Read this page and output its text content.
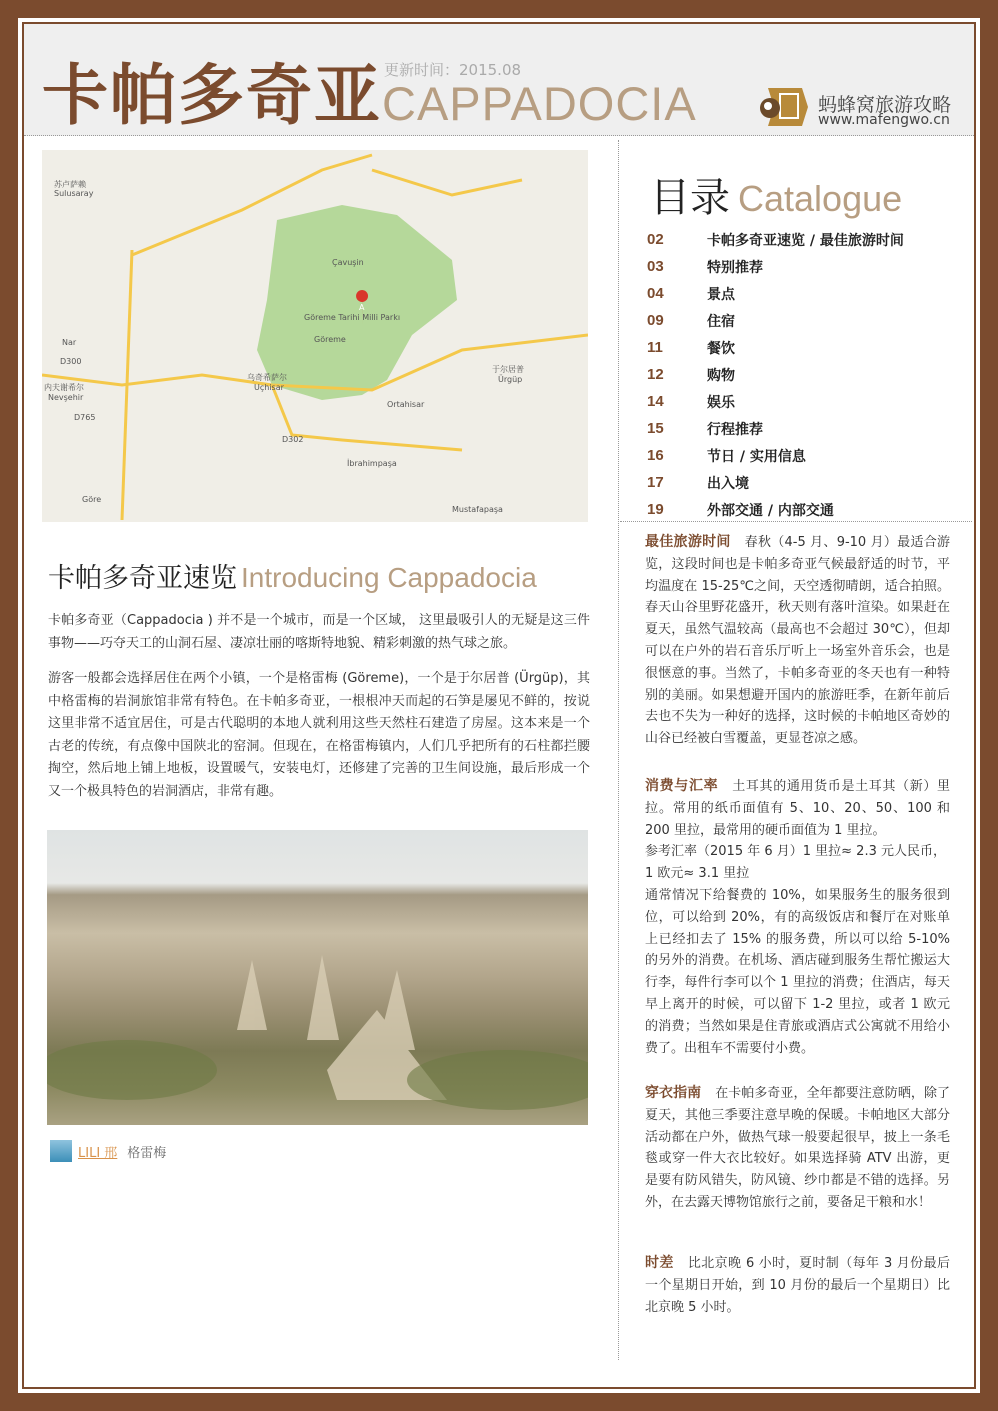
卡帕多奇亚 更新时间：2015.08
CAPPADOCIA	蚂蜂窝旅游攻略
www.mafengwo.cn
苏卢萨赖
Sulusaray
Çavuşin
Göreme Tarihi Milli Parkı
Göreme
乌奇希萨尔
Uçhisar
内夫谢希尔
Nevşehir
于尔居普
Ürgüp
Ortahisar
İbrahimpaşa
Mustafapaşa
Nar
Göre
D300
D302
D765
A
目录 Catalogue
02	卡帕多奇亚速览 / 最佳旅游时间
03	特别推荐
04	景点
09	住宿
11	餐饮
12	购物
14	娱乐
15	行程推荐
16	节日 / 实用信息
17	出入境
19	外部交通 / 内部交通
卡帕多奇亚速览 Introducing Cappadocia

卡帕多奇亚（Cappadocia ) 并不是一个城市，而是一个区域， 这里最吸引人的无疑是这三件事物——巧夺天工的山洞石屋、凄凉壮丽的喀斯特地貌、精彩刺激的热气球之旅。

游客一般都会选择居住在两个小镇，一个是格雷梅 (Göreme)，一个是于尔居普 (Ürgüp)，其中格雷梅的岩洞旅馆非常有特色。在卡帕多奇亚，一根根冲天而起的石笋是屡见不鲜的，按说这里非常不适宜居住，可是古代聪明的本地人就利用这些天然柱石建造了房屋。这本来是一个古老的传统，有点像中国陕北的窑洞。但现在，在格雷梅镇内，人们几乎把所有的石柱都拦腰掏空，然后地上铺上地板，设置暖气，安装电灯，还修建了完善的卫生间设施，最后形成一个又一个极具特色的岩洞酒店，非常有趣。

LILI 邢 格雷梅

最佳旅游时间 春秋（4-5 月、9-10 月）最适合游览，这段时间也是卡帕多奇亚气候最舒适的时节，平均温度在 15-25℃之间，天空透彻晴朗，适合拍照。春天山谷里野花盛开，秋天则有落叶渲染。如果赶在夏天，虽然气温较高（最高也不会超过 30℃），但却可以在户外的岩石音乐厅听上一场室外音乐会，也是很惬意的事。当然了，卡帕多奇亚的冬天也有一种特别的美丽。如果想避开国内的旅游旺季，在新年前后去也不失为一种好的选择，这时候的卡帕地区奇妙的山谷已经被白雪覆盖，更显苍凉之感。

消费与汇率 土耳其的通用货币是土耳其（新）里拉。常用的纸币面值有 5、10、20、50、100 和 200 里拉，最常用的硬币面值为 1 里拉。

参考汇率（2015 年 6 月）1 里拉≈ 2.3 元人民币，

1 欧元≈ 3.1 里拉

通常情况下给餐费的 10%，如果服务生的服务很到位，可以给到 20%，有的高级饭店和餐厅在对账单上已经扣去了 15% 的服务费，所以可以给 5-10% 的另外的消费。在机场、酒店碰到服务生帮忙搬运大行李，每件行李可以个 1 里拉的消费；住酒店，每天早上离开的时候，可以留下 1-2 里拉，或者 1 欧元的消费；当然如果是住青旅或酒店式公寓就不用给小费了。出租车不需要付小费。

穿衣指南 在卡帕多奇亚，全年都要注意防晒，除了夏天，其他三季要注意早晚的保暖。卡帕地区大部分活动都在户外，做热气球一般要起很早，披上一条毛毯或穿一件大衣比较好。如果选择骑 ATV 出游，更是要有防风错失，防风镜、纱巾都是不错的选择。另外，在去露天博物馆旅行之前，要备足干粮和水！

时差 比北京晚 6 小时，夏时制（每年 3 月份最后一个星期日开始，到 10 月份的最后一个星期日）比北京晚 5 小时。
